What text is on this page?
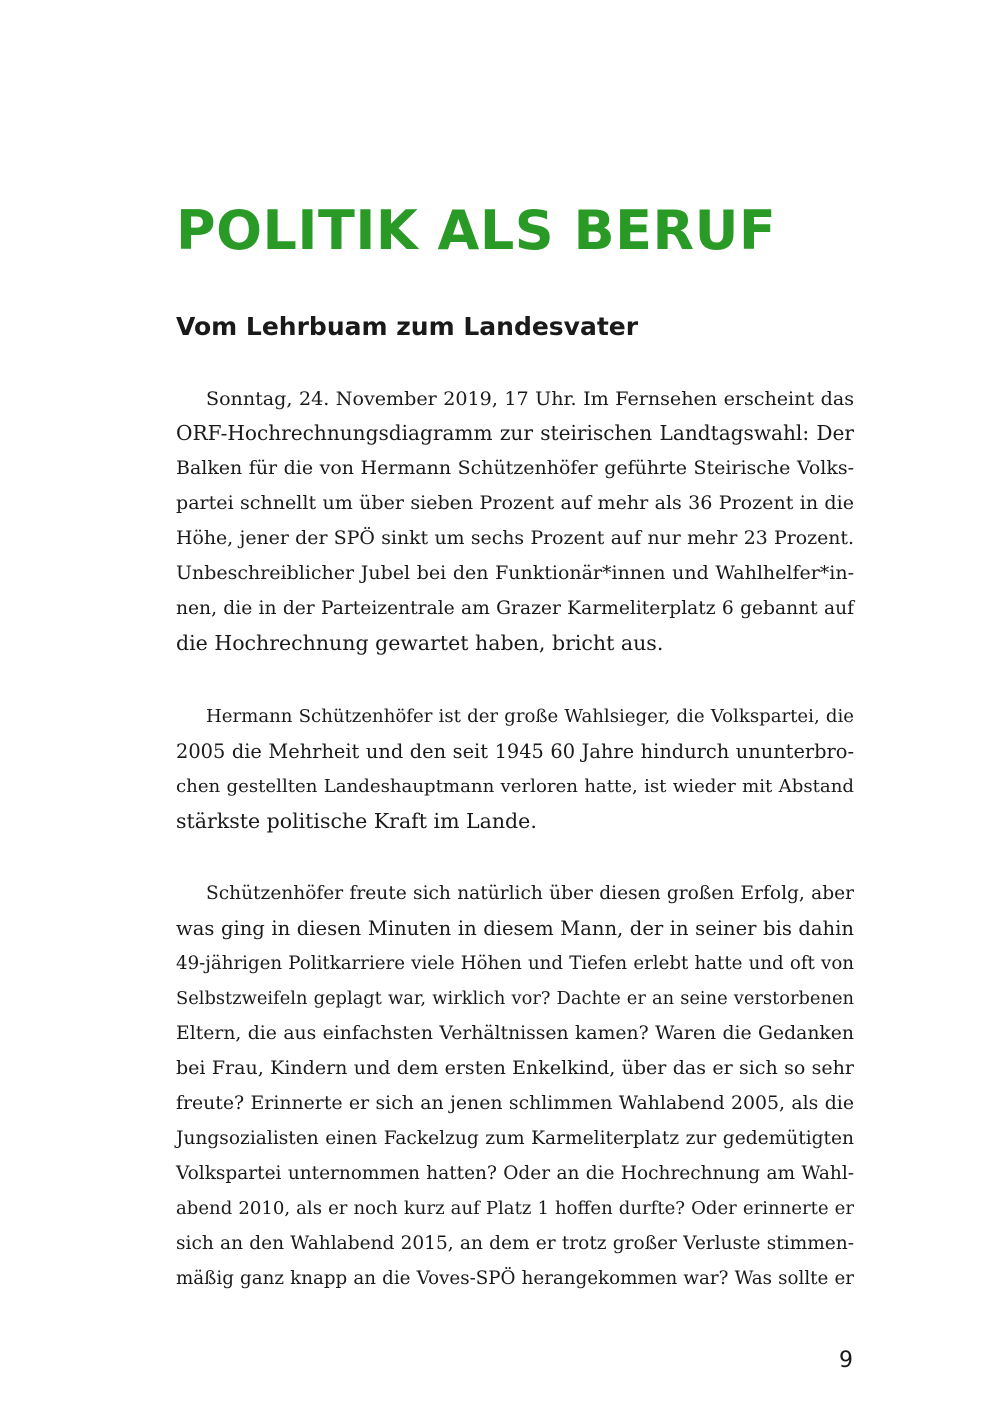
POLITIK ALS BERUF
Vom Lehrbuam zum Landesvater

Sonntag, 24. November 2019, 17 Uhr. Im Fernsehen erscheint das
ORF-Hochrechnungsdiagramm zur steirischen Landtagswahl: Der
Balken für die von Hermann Schützenhöfer geführte Steirische Volks-
partei schnellt um über sieben Prozent auf mehr als 36 Prozent in die
Höhe, jener der SPÖ sinkt um sechs Prozent auf nur mehr 23 Prozent.
Unbeschreiblicher Jubel bei den Funktionär*innen und Wahlhelfer*in-
nen, die in der Parteizentrale am Grazer Karmeliterplatz 6 gebannt auf
die Hochrechnung gewartet haben, bricht aus.

Hermann Schützenhöfer ist der große Wahlsieger, die Volkspartei, die
2005 die Mehrheit und den seit 1945 60 Jahre hindurch ununterbro-
chen gestellten Landeshauptmann verloren hatte, ist wieder mit Abstand
stärkste politische Kraft im Lande.

Schützenhöfer freute sich natürlich über diesen großen Erfolg, aber
was ging in diesen Minuten in diesem Mann, der in seiner bis dahin
49-jährigen Politkarriere viele Höhen und Tiefen erlebt hatte und oft von
Selbstzweifeln geplagt war, wirklich vor? Dachte er an seine verstorbenen
Eltern, die aus einfachsten Verhältnissen kamen? Waren die Gedanken
bei Frau, Kindern und dem ersten Enkelkind, über das er sich so sehr
freute? Erinnerte er sich an jenen schlimmen Wahlabend 2005, als die
Jungsozialisten einen Fackelzug zum Karmeliterplatz zur gedemütigten
Volkspartei unternommen hatten? Oder an die Hochrechnung am Wahl-
abend 2010, als er noch kurz auf Platz 1 hoffen durfte? Oder erinnerte er
sich an den Wahlabend 2015, an dem er trotz großer Verluste stimmen-
mäßig ganz knapp an die Voves-SPÖ herangekommen war? Was sollte er

9
